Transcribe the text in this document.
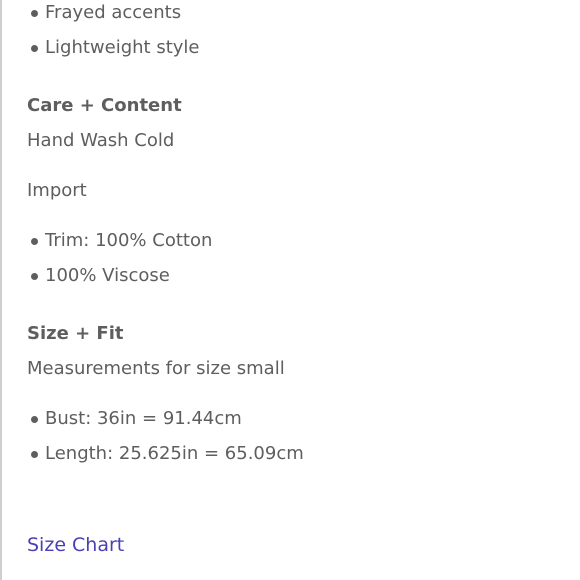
Frayed accents
Lightweight style
Care + Content
Hand Wash Cold
Import
Trim: 100% Cotton
100% Viscose
Size + Fit
Measurements for size small
Bust: 36in = 91.44cm
Length: 25.625in = 65.09cm
Size Chart
